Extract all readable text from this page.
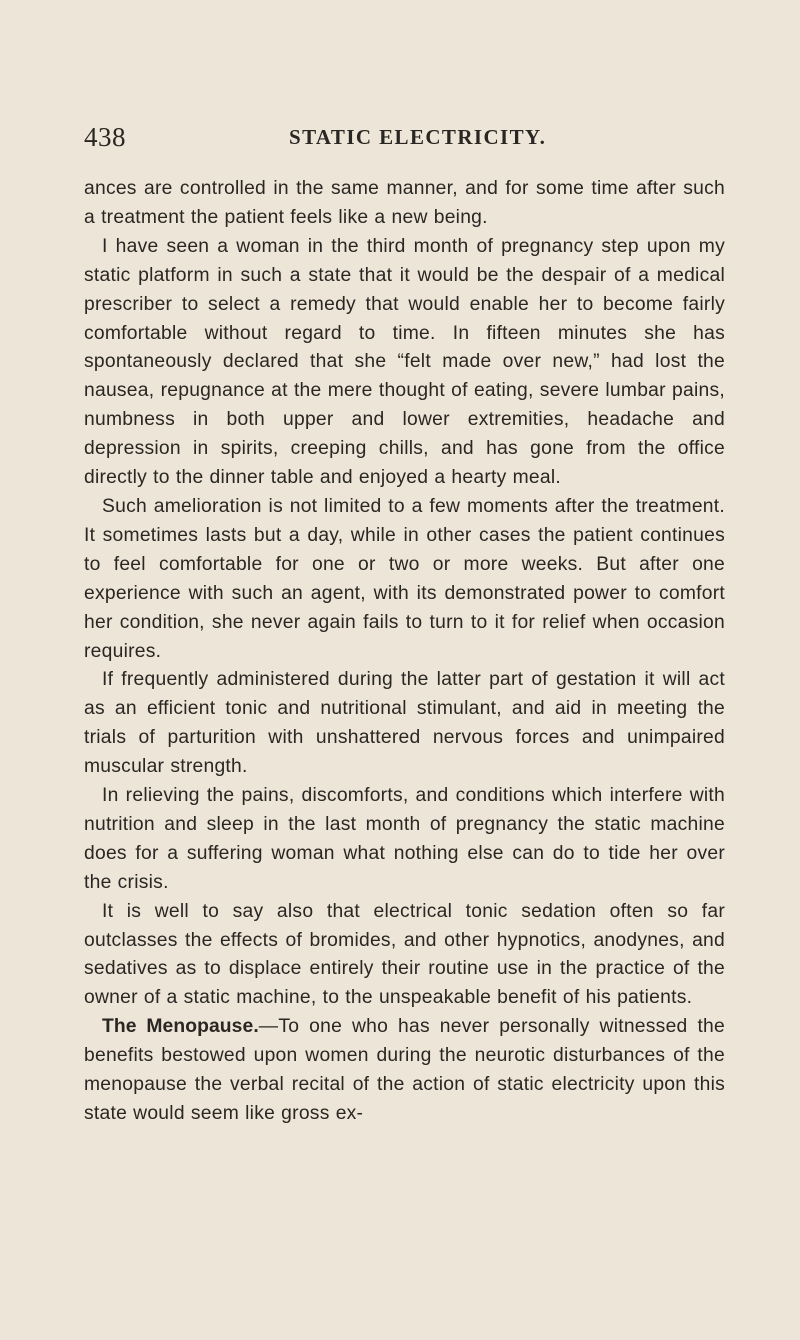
438	STATIC ELECTRICITY.

ances are controlled in the same manner, and for some time after such a treatment the patient feels like a new being.

I have seen a woman in the third month of pregnancy step upon my static platform in such a state that it would be the despair of a medical prescriber to select a remedy that would enable her to become fairly comfortable without regard to time. In fifteen minutes she has spontaneously declared that she “felt made over new,” had lost the nausea, repugnance at the mere thought of eating, severe lumbar pains, numbness in both upper and lower extremities, headache and depression in spirits, creeping chills, and has gone from the office directly to the dinner table and enjoyed a hearty meal.

Such amelioration is not limited to a few moments after the treatment. It sometimes lasts but a day, while in other cases the patient continues to feel comfortable for one or two or more weeks. But after one experience with such an agent, with its demonstrated power to comfort her condition, she never again fails to turn to it for relief when occasion requires.

If frequently administered during the latter part of gestation it will act as an efficient tonic and nutritional stimulant, and aid in meeting the trials of parturition with unshattered nervous forces and unimpaired muscular strength.

In relieving the pains, discomforts, and conditions which interfere with nutrition and sleep in the last month of pregnancy the static machine does for a suffering woman what nothing else can do to tide her over the crisis.

It is well to say also that electrical tonic sedation often so far outclasses the effects of bromides, and other hypnotics, anodynes, and sedatives as to displace entirely their routine use in the practice of the owner of a static machine, to the unspeakable benefit of his patients.

The Menopause.—To one who has never personally witnessed the benefits bestowed upon women during the neurotic disturbances of the menopause the verbal recital of the action of static electricity upon this state would seem like gross ex-
